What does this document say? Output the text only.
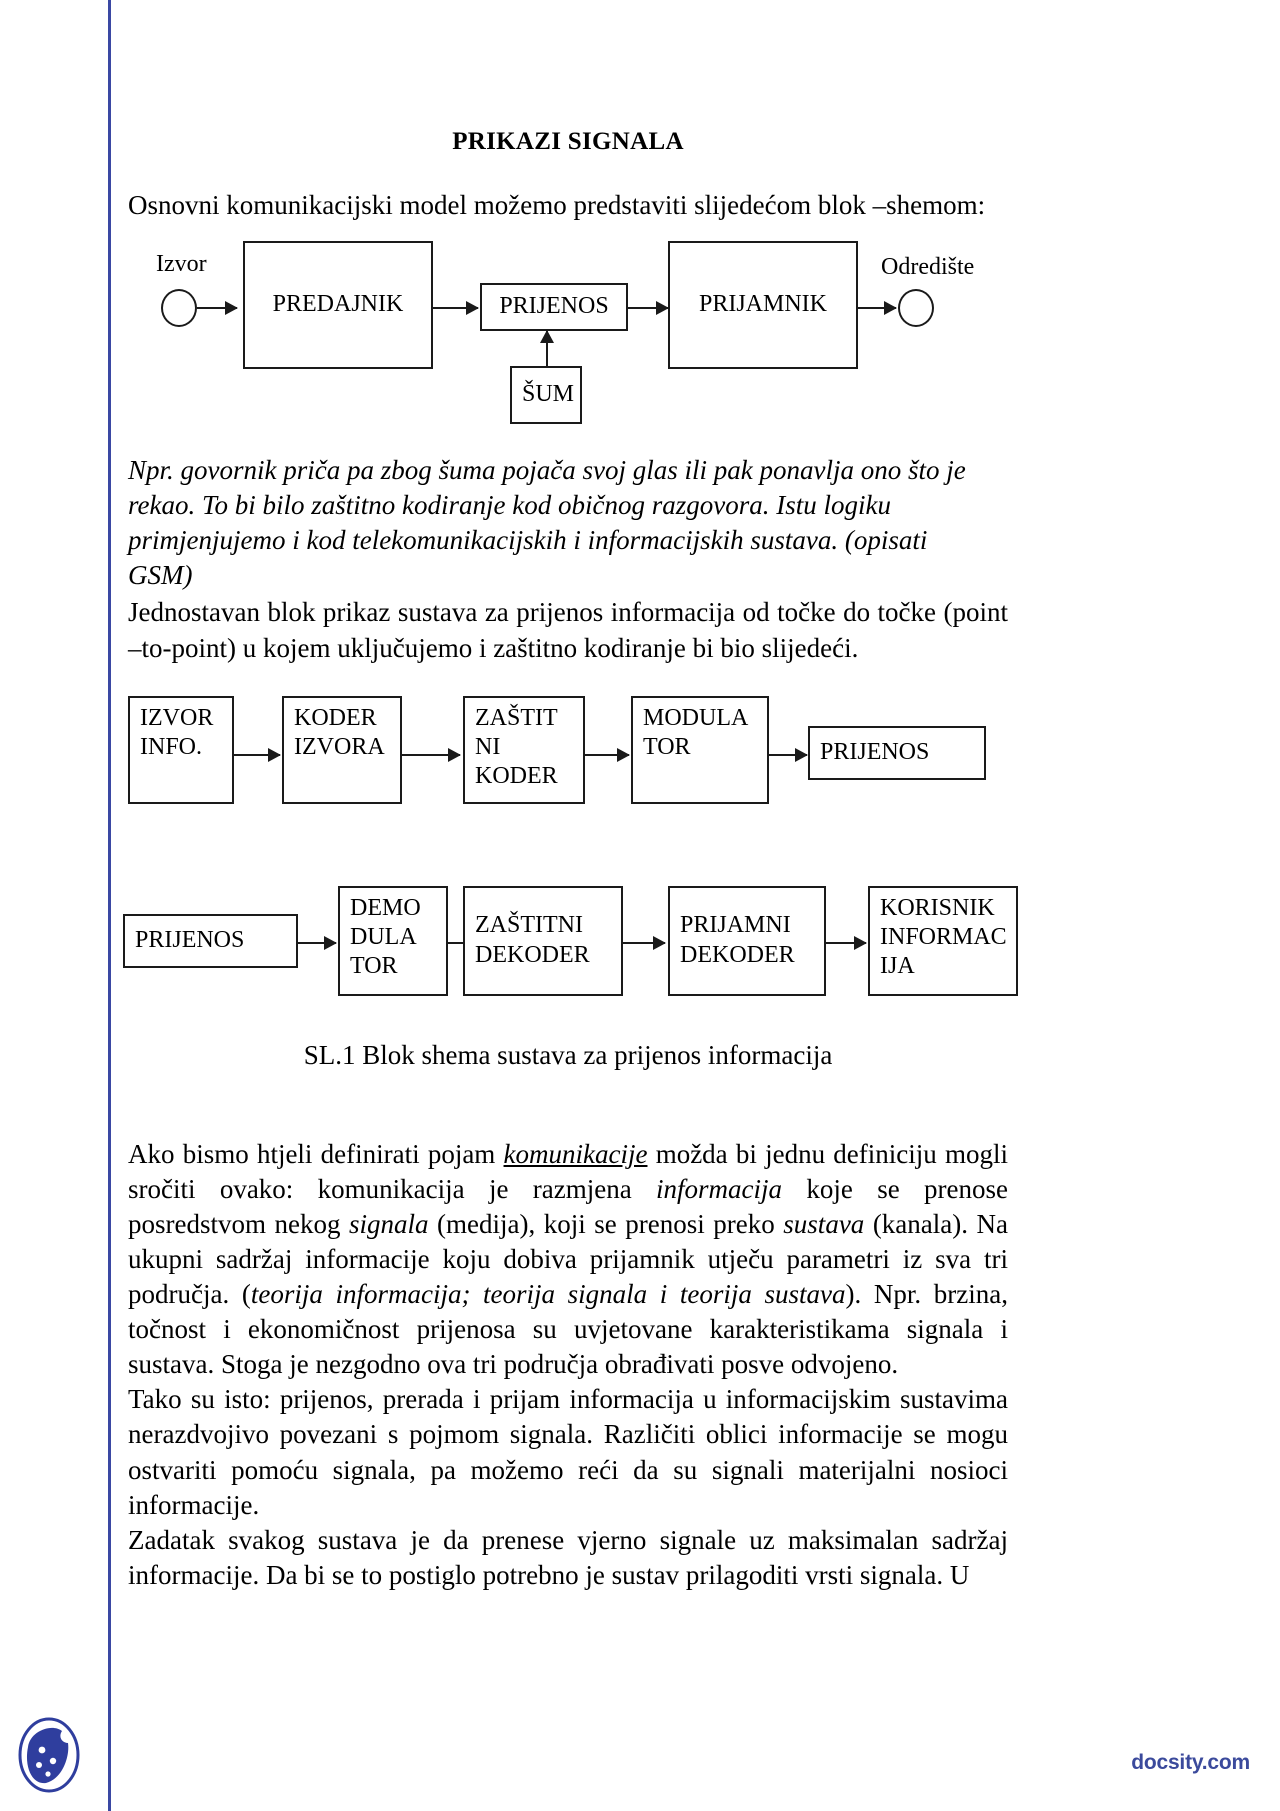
PRIKAZI SIGNALA

Osnovni komunikacijski model možemo predstaviti slijedećom blok –shemom:

Izvor
PREDAJNIK	PRIJENOS
ŠUM
PRIJAMNIK
Odredište
Npr. govornik priča pa zbog šuma pojača svoj glas ili pak ponavlja ono što je
rekao. To bi bilo zaštitno kodiranje kod običnog razgovora. Istu logiku
primjenjujemo i kod telekomunikacijskih i informacijskih sustava. (opisati
GSM)

Jednostavan blok prikaz sustava za prijenos informacija od točke do točke (point –to-point) u kojem uključujemo i zaštitno kodiranje bi bio slijedeći.

IZVOR
INFO.
KODER
IZVORA
ZAŠTIT
NI
KODER
MODULA
TOR	PRIJENOS
PRIJENOS
DEMO
DULA
TOR
ZAŠTITNI
DEKODER
PRIJAMNI
DEKODER
KORISNIK
INFORMAC
IJA

SL.1 Blok shema sustava za prijenos informacija

Ako bismo htjeli definirati pojam komunikacije možda bi jednu definiciju mogli sročiti ovako: komunikacija je razmjena informacija koje se prenose posredstvom nekog signala (medija), koji se prenosi preko sustava (kanala). Na ukupni sadržaj informacije koju dobiva prijamnik utječu parametri iz sva tri područja. (teorija informacija; teorija signala i teorija sustava). Npr. brzina, točnost i ekonomičnost prijenosa su uvjetovane karakteristikama signala i sustava. Stoga je nezgodno ova tri područja obrađivati posve odvojeno.

Tako su isto: prijenos, prerada i prijam informacija u informacijskim sustavima nerazdvojivo povezani s pojmom signala. Različiti oblici informacije se mogu ostvariti pomoću signala, pa možemo reći da su signali materijalni nosioci informacije.

Zadatak svakog sustava je da prenese vjerno signale uz maksimalan sadržaj informacije. Da bi se to postiglo potrebno je sustav prilagoditi vrsti signala. U

docsity.com
